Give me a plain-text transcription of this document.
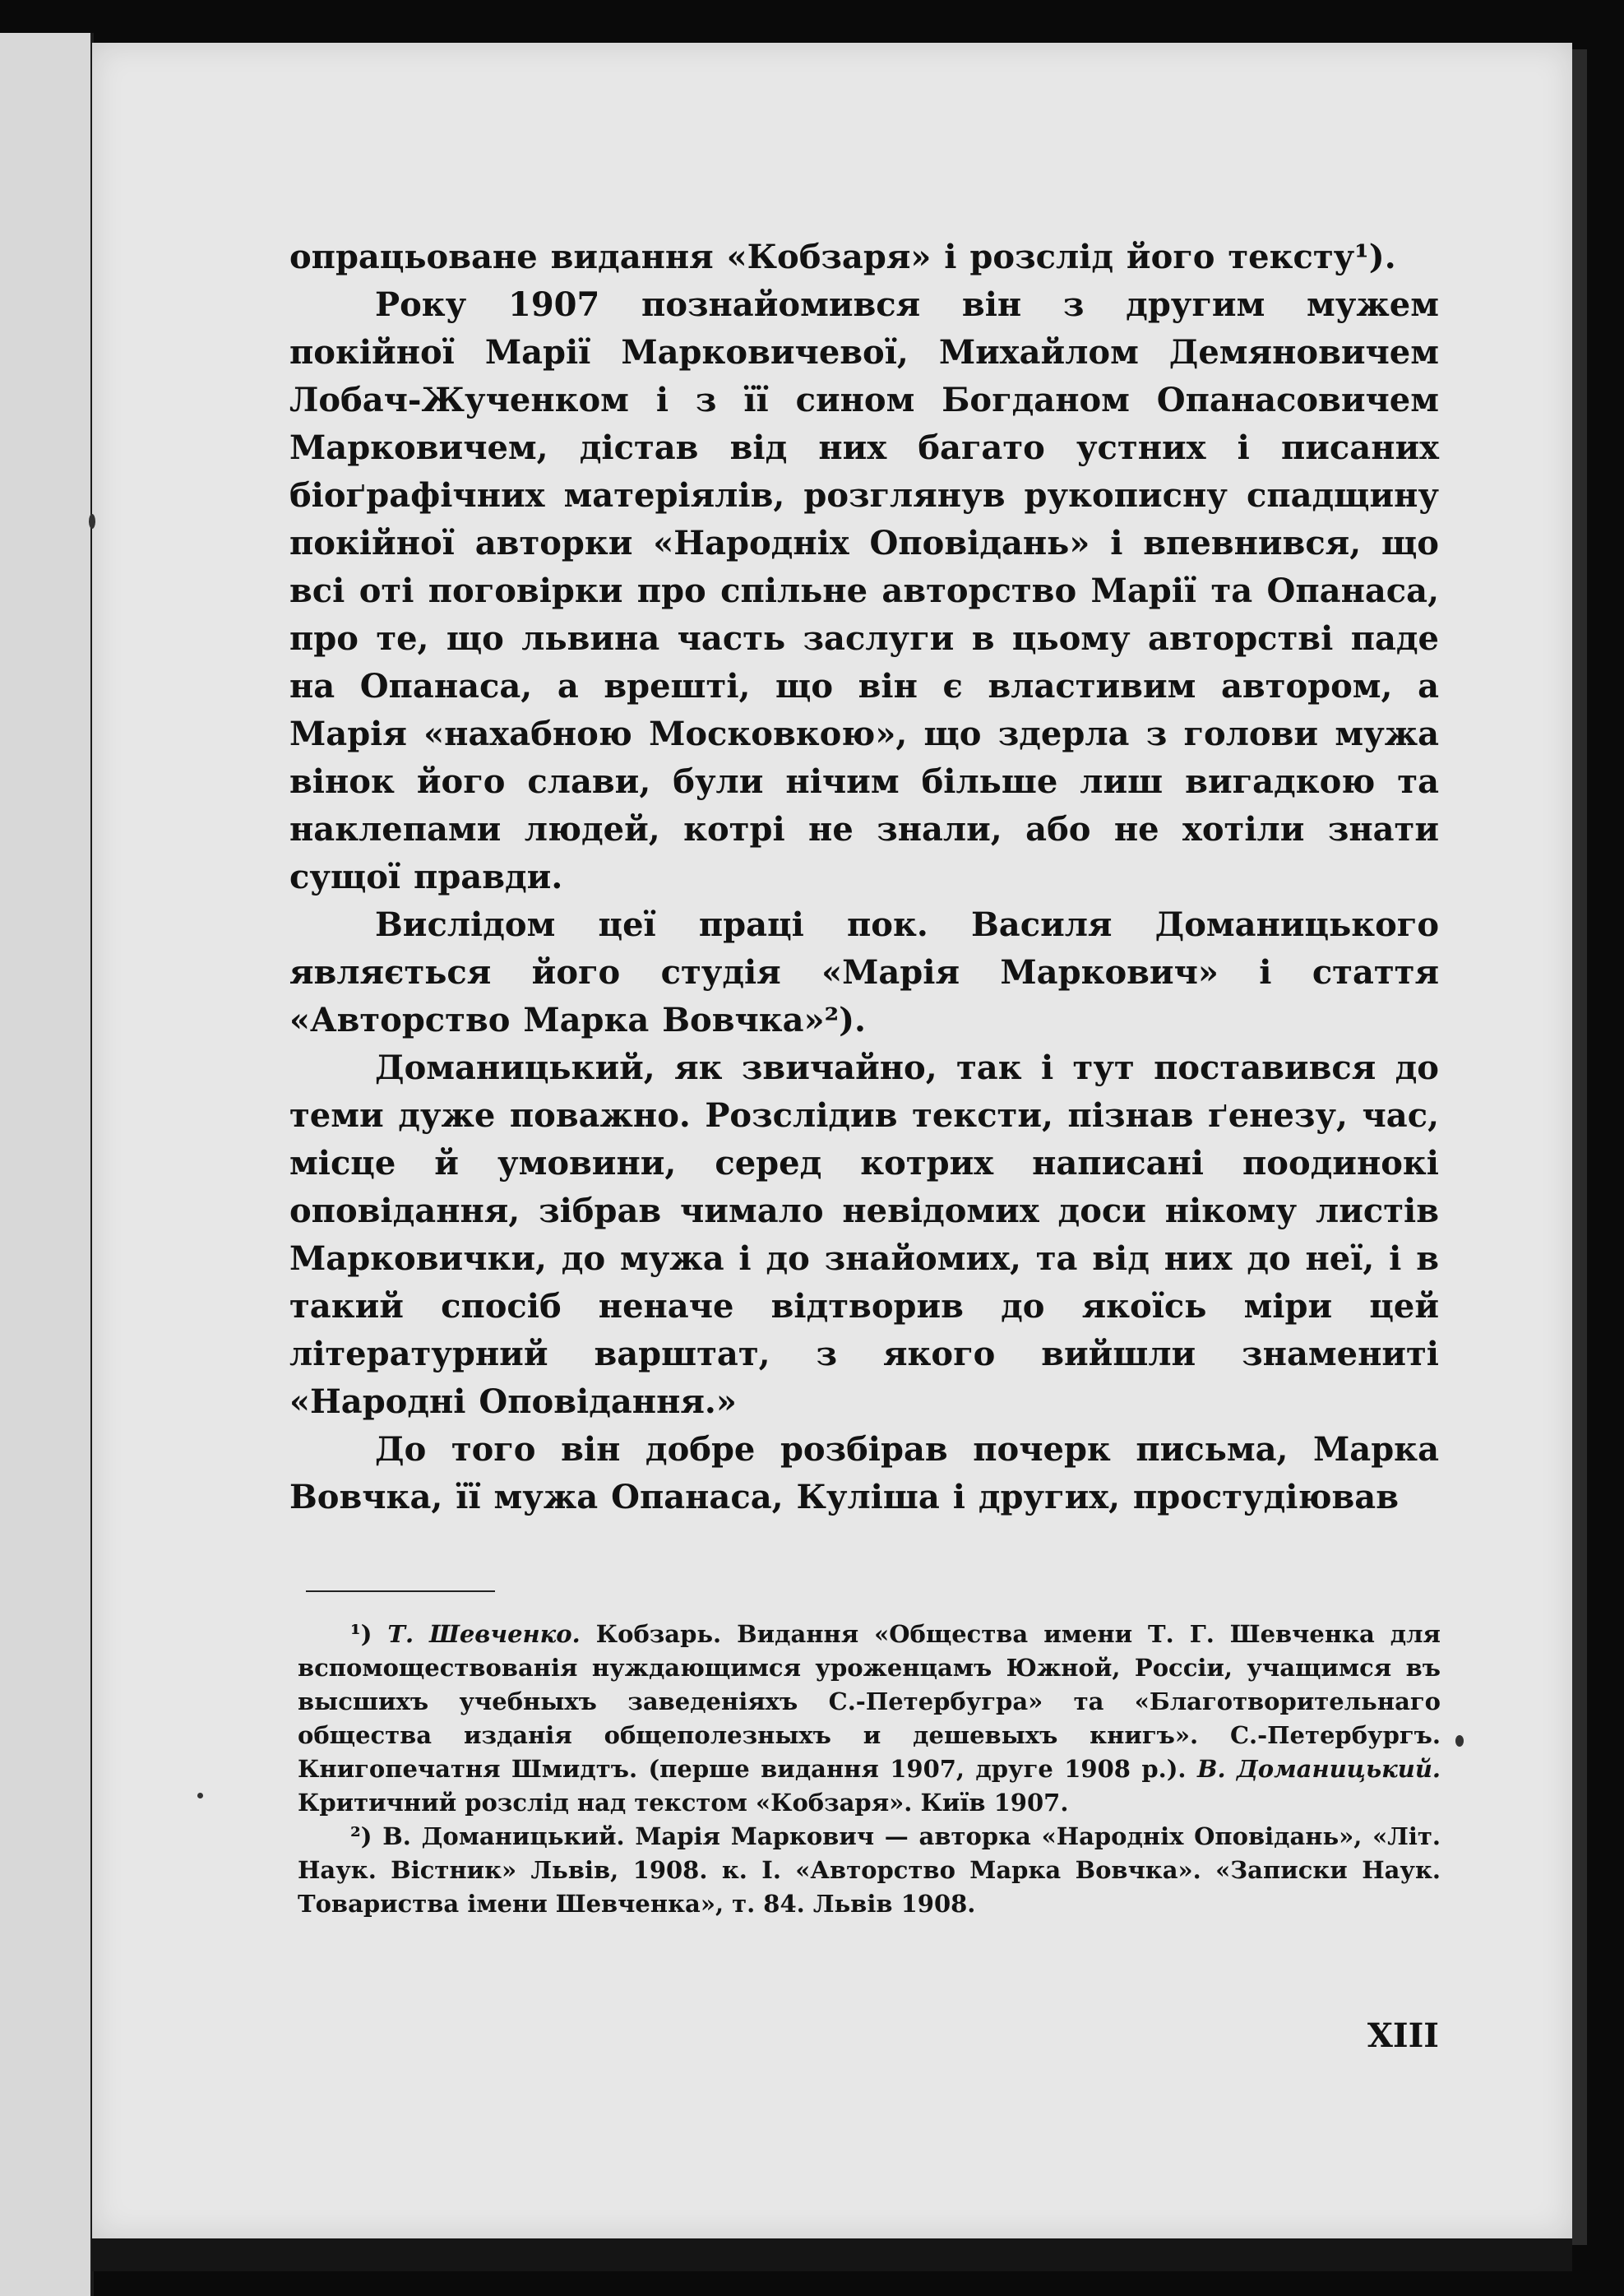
опрацьоване видання «Кобзаря» і розслід його тексту¹).

Року 1907 познайомився він з другим мужем покійної Марії Марковичевої, Михайлом Демяновичем Лобач-Жученком і з її сином Богданом Опанасовичем Марковичем, дістав від них багато устних і писаних біоґрафічних матеріялів, розглянув рукописну спадщину покійної авторки «Народніх Оповідань» і впевнився, що всі оті поговірки про спільне авторство Марії та Опанаса, про те, що львина часть заслуги в цьому авторстві паде на Опанаса, а врешті, що він є властивим автором, а Марія «нахабною Московкою», що здерла з голови мужа вінок його слави, були нічим більше лиш вигадкою та наклепами людей, котрі не знали, або не хотіли знати сущої правди.

Вислідом цеї праці пок. Василя Доманицького являється його студія «Марія Маркович» і стаття «Авторство Марка Вовчка»²).

Доманицький, як звичайно, так і тут поставився до теми дуже поважно. Розслідив тексти, пізнав ґенезу, час, місце й умовини, серед котрих написані поодинокі оповідання, зібрав чимало невідомих доси нікому листів Марковички, до мужа і до знайомих, та від них до неї, і в такий спосіб неначе відтворив до якоїсь міри цей літературний варштат, з якого вийшли знамениті «Народні Оповідання.»

До того він добре розбірав почерк письма, Марка Вовчка, її мужа Опанаса, Куліша і других, простудіював

¹) Т. Шевченко. Кобзарь. Видання «Общества имени Т. Г. Шевченка для вспомоществованія нуждающимся уроженцамъ Южной, Россіи, учащимся въ высшихъ учебныхъ заведеніяхъ С.-Петербугра» та «Благотворительнаго общества изданія общеполезныхъ и дешевыхъ книгъ». С.-Петербургъ. Книгопечатня Шмидтъ. (перше видання 1907, друге 1908 р.). В. Доманицький. Критичний розслід над текстом «Кобзаря». Київ 1907.

²) В. Доманицький. Марія Маркович — авторка «Народніх Оповідань», «Літ. Наук. Вістник» Львів, 1908. к. I. «Авторство Марка Вовчка». «Записки Наук. Товариства імени Шевченка», т. 84. Львів 1908.

XIII
